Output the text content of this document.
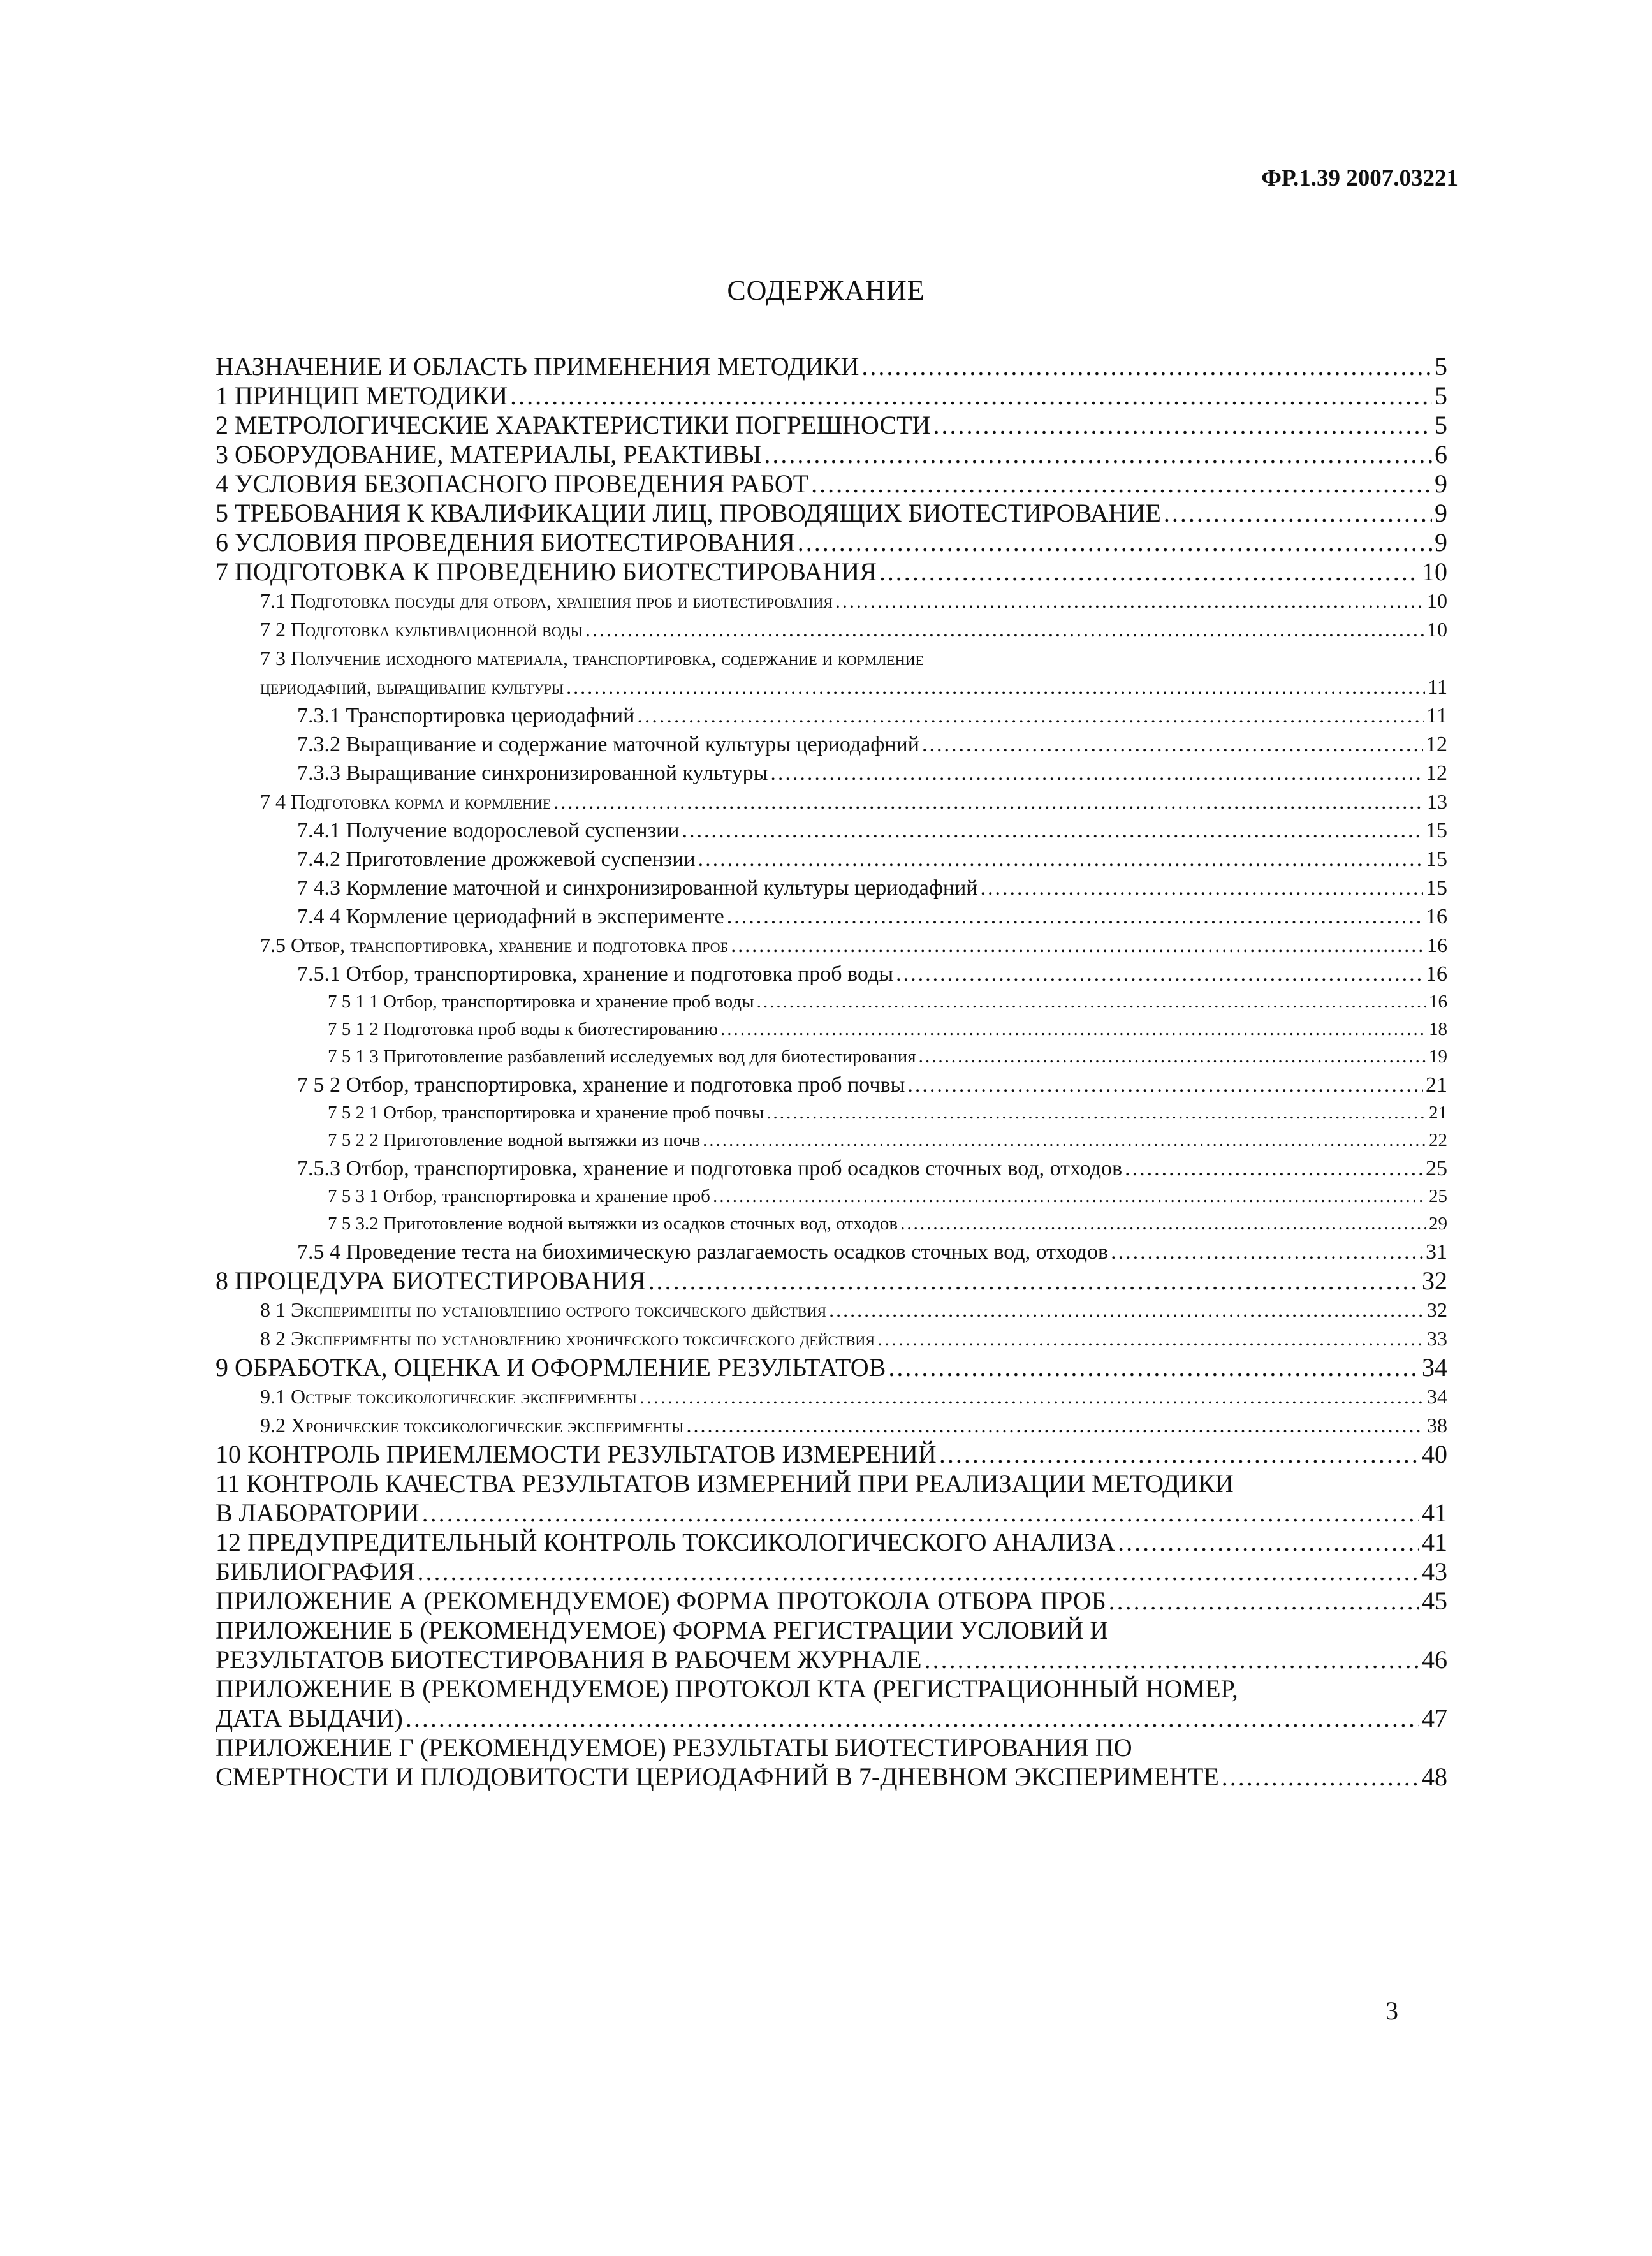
ФР.1.39 2007.03221
СОДЕРЖАНИЕ
НАЗНАЧЕНИЕ И ОБЛАСТЬ ПРИМЕНЕНИЯ МЕТОДИКИ .....	5
1 ПРИНЦИП МЕТОДИКИ .....	5
2 МЕТРОЛОГИЧЕСКИЕ ХАРАКТЕРИСТИКИ ПОГРЕШНОСТИ .....	5
3 ОБОРУДОВАНИЕ, МАТЕРИАЛЫ, РЕАКТИВЫ .....	6
4 УСЛОВИЯ БЕЗОПАСНОГО ПРОВЕДЕНИЯ РАБОТ .....	9
5 ТРЕБОВАНИЯ К КВАЛИФИКАЦИИ ЛИЦ, ПРОВОДЯЩИХ БИОТЕСТИРОВАНИЕ .....	9
6 УСЛОВИЯ ПРОВЕДЕНИЯ БИОТЕСТИРОВАНИЯ .....	9
7 ПОДГОТОВКА К ПРОВЕДЕНИЮ БИОТЕСТИРОВАНИЯ .....	10
7.1 Подготовка посуды для отбора, хранения проб и биотестирования .....	10
7 2 Подготовка культивационной воды .....	10
7 3 Получение исходного материала, транспортировка, содержание и кормление
цериодафний, выращивание культуры .....	11
7.3.1 Транспортировка цериодафний .....	11
7.3.2 Выращивание и содержание маточной культуры цериодафний .....	12
7.3.3 Выращивание синхронизированной культуры .....	12
7 4 Подготовка корма и кормление .....	13
7.4.1 Получение водорослевой суспензии .....	15
7.4.2 Приготовление дрожжевой суспензии .....	15
7 4.3 Кормление маточной и синхронизированной культуры цериодафний .....	15
7.4 4 Кормление цериодафний в эксперименте .....	16
7.5 Отбор, транспортировка, хранение и подготовка проб .....	16
7.5.1 Отбор, транспортировка, хранение и подготовка проб воды .....	16
7 5 1 1 Отбор, транспортировка и хранение проб воды .....	16
7 5 1 2 Подготовка проб воды к биотестированию .....	18
7 5 1 3 Приготовление разбавлений исследуемых вод для биотестирования .....	19
7 5 2 Отбор, транспортировка, хранение и подготовка проб почвы .....	21
7 5 2 1 Отбор, транспортировка и хранение проб почвы .....	21
7 5 2 2 Приготовление водной вытяжки из почв .....	22
7.5.3 Отбор, транспортировка, хранение и подготовка проб осадков сточных вод, отходов .....	25
7 5 3 1 Отбор, транспортировка и хранение проб .....	25
7 5 3.2 Приготовление водной вытяжки из осадков сточных вод, отходов .....	29
7.5 4 Проведение теста на биохимическую разлагаемость осадков сточных вод, отходов .....	31
8 ПРОЦЕДУРА БИОТЕСТИРОВАНИЯ .....	32
8 1 Эксперименты по установлению острого токсического действия .....	32
8 2 Эксперименты по установлению хронического токсического действия .....	33
9 ОБРАБОТКА, ОЦЕНКА И ОФОРМЛЕНИЕ РЕЗУЛЬТАТОВ .....	34
9.1 Острые токсикологические эксперименты .....	34
9.2 Хронические токсикологические эксперименты .....	38
10 КОНТРОЛЬ ПРИЕМЛЕМОСТИ РЕЗУЛЬТАТОВ ИЗМЕРЕНИЙ .....	40
11 КОНТРОЛЬ КАЧЕСТВА РЕЗУЛЬТАТОВ ИЗМЕРЕНИЙ ПРИ РЕАЛИЗАЦИИ МЕТОДИКИ
В ЛАБОРАТОРИИ .....	41
12 ПРЕДУПРЕДИТЕЛЬНЫЙ КОНТРОЛЬ ТОКСИКОЛОГИЧЕСКОГО АНАЛИЗА .....	41
БИБЛИОГРАФИЯ .....	43
ПРИЛОЖЕНИЕ А (РЕКОМЕНДУЕМОЕ) ФОРМА ПРОТОКОЛА ОТБОРА ПРОБ .....	45
ПРИЛОЖЕНИЕ Б (РЕКОМЕНДУЕМОЕ) ФОРМА РЕГИСТРАЦИИ УСЛОВИЙ И
РЕЗУЛЬТАТОВ БИОТЕСТИРОВАНИЯ В РАБОЧЕМ ЖУРНАЛЕ .....	46
ПРИЛОЖЕНИЕ В (РЕКОМЕНДУЕМОЕ) ПРОТОКОЛ КТА (РЕГИСТРАЦИОННЫЙ НОМЕР,
ДАТА ВЫДАЧИ) .....	47
ПРИЛОЖЕНИЕ Г (РЕКОМЕНДУЕМОЕ) РЕЗУЛЬТАТЫ БИОТЕСТИРОВАНИЯ ПО
СМЕРТНОСТИ И ПЛОДОВИТОСТИ ЦЕРИОДАФНИЙ В 7-ДНЕВНОМ ЭКСПЕРИМЕНТЕ .....	48
3
